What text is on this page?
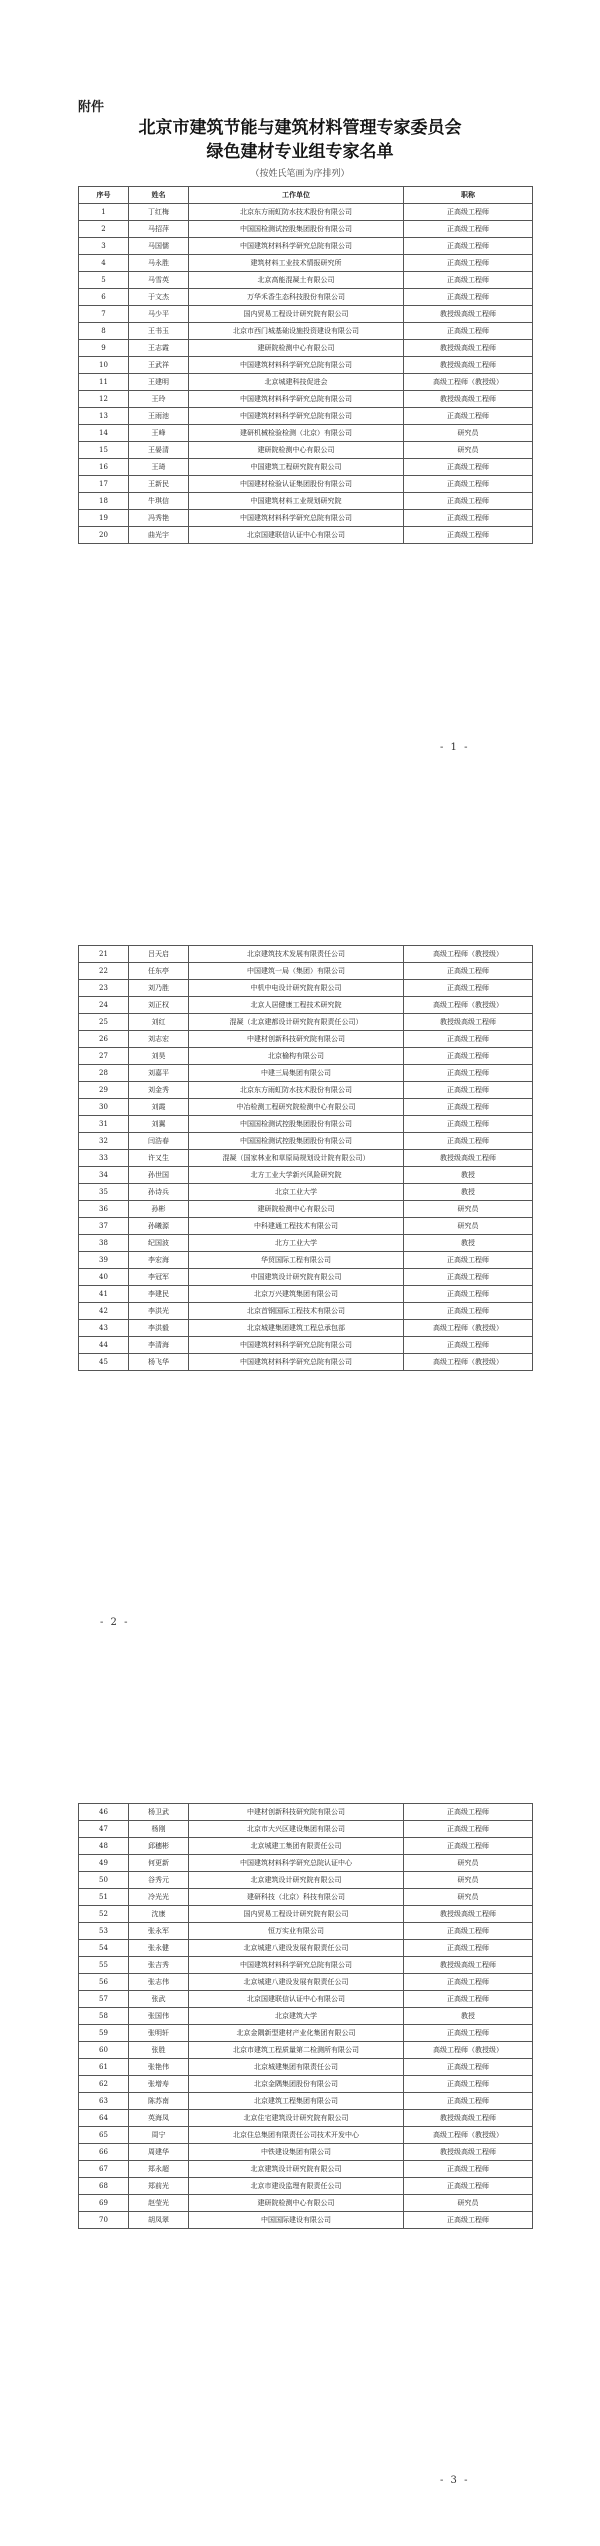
附件
北京市建筑节能与建筑材料管理专家委员会
绿色建材专业组专家名单
（按姓氏笔画为序排列）
序号	姓名	工作单位	职称
1	丁红梅	北京东方雨虹防水技术股份有限公司	正高级工程师
2	马招萍	中国国检测试控股集团股份有限公司	正高级工程师
3	马国儒	中国建筑材料科学研究总院有限公司	正高级工程师
4	马永胜	建筑材料工业技术情报研究所	正高级工程师
5	马雪英	北京高能混凝土有限公司	正高级工程师
6	于文杰	万华禾香生态科技股份有限公司	正高级工程师
7	马少平	国内贸易工程设计研究院有限公司	教授级高级工程师
8	王书玉	北京市西门城基础设施投资建设有限公司	正高级工程师
9	王志霞	建研院检测中心有限公司	教授级高级工程师
10	王武祥	中国建筑材料科学研究总院有限公司	教授级高级工程师
11	王建明	北京城建科技促进会	高级工程师（教授级）
12	王玲	中国建筑材料科学研究总院有限公司	教授级高级工程师
13	王雨池	中国建筑材料科学研究总院有限公司	正高级工程师
14	王峰	建研机械检验检测（北京）有限公司	研究员
15	王晏清	建研院检测中心有限公司	研究员
16	王琦	中国建筑工程研究院有限公司	正高级工程师
17	王新民	中国建材检验认证集团股份有限公司	正高级工程师
18	牛琪信	中国建筑材料工业规划研究院	正高级工程师
19	冯秀艳	中国建筑材料科学研究总院有限公司	正高级工程师
20	曲光宇	北京国建联信认证中心有限公司	正高级工程师
- 1 -
21	吕天启	北京建筑技术发展有限责任公司	高级工程师（教授级）
22	任东亭	中国建筑一局（集团）有限公司	正高级工程师
23	刘乃胜	中机中电设计研究院有限公司	正高级工程师
24	刘正权	北京人居健康工程技术研究院	高级工程师（教授级）
25	刘红	混凝（北京建都设计研究院有限责任公司）	教授级高级工程师
26	刘志宏	中建材创新科技研究院有限公司	正高级工程师
27	刘昊	北京榆构有限公司	正高级工程师
28	刘嘉平	中建三局集团有限公司	正高级工程师
29	刘金秀	北京东方雨虹防水技术股份有限公司	正高级工程师
30	刘霞	中冶检测工程研究院检测中心有限公司	正高级工程师
31	刘翼	中国国检测试控股集团股份有限公司	正高级工程师
32	闫浩春	中国国检测试控股集团股份有限公司	正高级工程师
33	许又生	混凝（国家林业和草原局规划设计院有限公司）	教授级高级工程师
34	孙世国	北方工业大学新兴风险研究院	教授
35	孙诗兵	北京工业大学	教授
36	孙彬	建研院检测中心有限公司	研究员
37	孙曦源	中科建通工程技术有限公司	研究员
38	纪国波	北方工业大学	教授
39	李宏海	华贸国际工程有限公司	正高级工程师
40	李冠军	中国建筑设计研究院有限公司	正高级工程师
41	李建民	北京万兴建筑集团有限公司	正高级工程师
42	李洪光	北京首钢国际工程技术有限公司	正高级工程师
43	李洪毅	北京城建集团建筑工程总承包部	高级工程师（教授级）
44	李清海	中国建筑材料科学研究总院有限公司	正高级工程师
45	杨飞华	中国建筑材料科学研究总院有限公司	高级工程师（教授级）
- 2 -
46	杨卫武	中建材创新科技研究院有限公司	正高级工程师
47	杨刚	北京市大兴区建设集团有限公司	正高级工程师
48	邱穗彬	北京城建工集团有限责任公司	正高级工程师
49	何更新	中国建筑材料科学研究总院认证中心	研究员
50	谷秀元	北京建筑设计研究院有限公司	研究员
51	冷光光	建研科技（北京）科技有限公司	研究员
52	沈康	国内贸易工程设计研究院有限公司	教授级高级工程师
53	张永军	恒万实业有限公司	正高级工程师
54	张永健	北京城建八建设发展有限责任公司	正高级工程师
55	张吉秀	中国建筑材料科学研究总院有限公司	教授级高级工程师
56	张志伟	北京城建八建设发展有限责任公司	正高级工程师
57	张武	北京国建联信认证中心有限公司	正高级工程师
58	张国伟	北京建筑大学	教授
59	张明轩	北京金隅新型建材产业化集团有限公司	正高级工程师
60	张胜	北京市建筑工程质量第二检测所有限公司	高级工程师（教授级）
61	张艳伟	北京城建集团有限责任公司	正高级工程师
62	张增寿	北京金隅集团股份有限公司	正高级工程师
63	陈苏南	北京建筑工程集团有限公司	正高级工程师
64	英海凤	北京住宅建筑设计研究院有限公司	教授级高级工程师
65	周宁	北京住总集团有限责任公司技术开发中心	高级工程师（教授级）
66	周建华	中铁建设集团有限公司	教授级高级工程师
67	郑永超	北京建筑设计研究院有限公司	正高级工程师
68	郑前光	北京市建设监理有限责任公司	正高级工程师
69	赵莹光	建研院检测中心有限公司	研究员
70	胡凤翠	中国国际建设有限公司	正高级工程师
- 3 -
